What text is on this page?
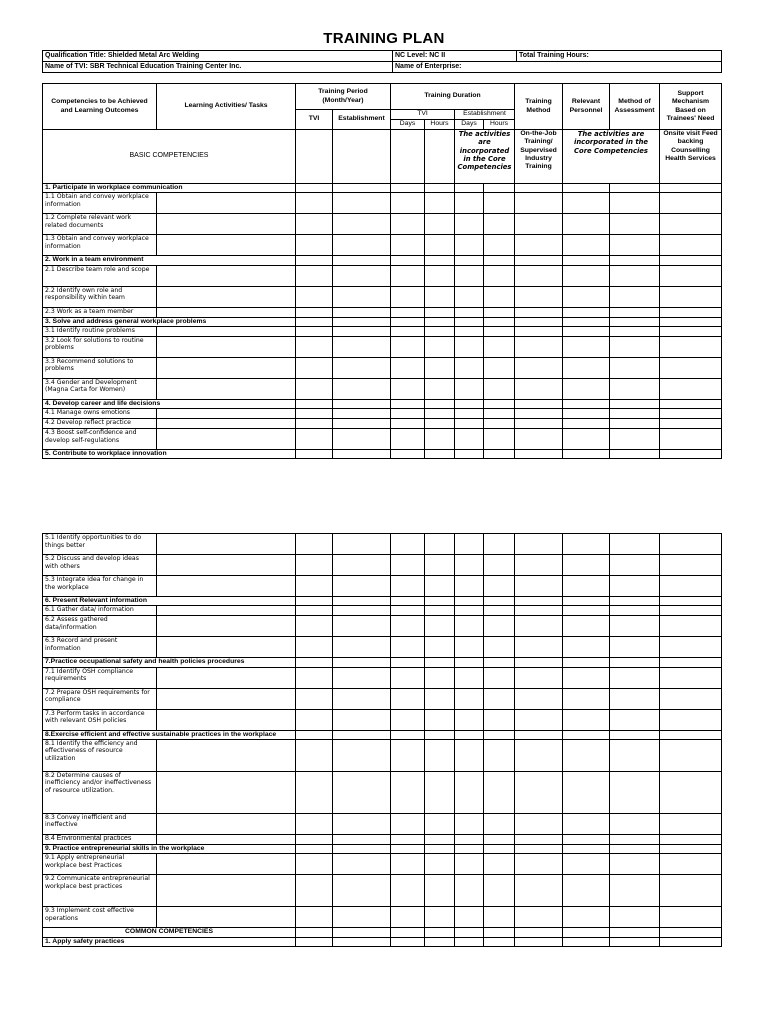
TRAINING PLAN
Qualification Title: Shielded Metal Arc Welding	NC Level: NC II	Total Training Hours:
Name of TVI: SBR Technical Education Training Center Inc.	Name of Enterprise:	
Competencies to be Achieved and Learning Outcomes	Learning Activities/ Tasks	Training Period (Month/Year)		Training Duration				Training Method	Relevant Personnel	Method of Assessment	Support Mechanism Based on Trainees' Need
		TVI	Establishment	TVI		Establishment					
				Days	Hours	Days	Hours				
BASIC COMPETENCIES						The activities are incorporated in the Core Competencies		On-the-Job Training/ Supervised Industry Training	The activities are incorporated in the Core Competencies		Onsite visit Feed backing Counselling Health Services
1. Participate in workplace communication											
1.1 Obtain and convey workplace information											
1.2 Complete relevant work related documents											
1.3 Obtain and convey workplace information											
2. Work in a team environment											
2.1 Describe team role and scope											
2.2 Identify own role and responsibility within team											
2.3 Work as a team member											
3. Solve and address general workplace problems											
3.1 Identify routine problems											
3.2 Look for solutions to routine problems											
3.3 Recommend solutions to problems											
3.4 Gender and Development (Magna Carta for Women)											
4. Develop career and life decisions											
4.1 Manage owns emotions											
4.2 Develop reflect practice											
4.3 Boost self-confidence and develop self-regulations											
5. Contribute to workplace innovation											
5.1 Identify opportunities to do things better											
5.2 Discuss and develop ideas with others											
5.3 Integrate idea for change in the workplace											
6. Present Relevant information											
6.1 Gather data/ information											
6.2 Assess gathered data/information											
6.3 Record and present information											
7.Practice occupational safety and health policies procedures											
7.1 Identify OSH compliance requirements											
7.2 Prepare OSH requirements for compliance											
7.3 Perform tasks in accordance with relevant OSH policies											
8.Exercise efficient and effective sustainable practices in the workplace											
8.1 Identify the efficiency and effectiveness of resource utilization											
8.2 Determine causes of inefficiency and/or ineffectiveness of resource utilization.											
8.3 Convey inefficient and ineffective											
8.4 Environmental practices											
9. Practice entrepreneurial skills in the workplace											
9.1 Apply entrepreneurial workplace best Practices											
9.2 Communicate entrepreneurial workplace best practices											
9.3 Implement cost effective operations											
COMMON COMPETENCIES											
1. Apply safety practices											
